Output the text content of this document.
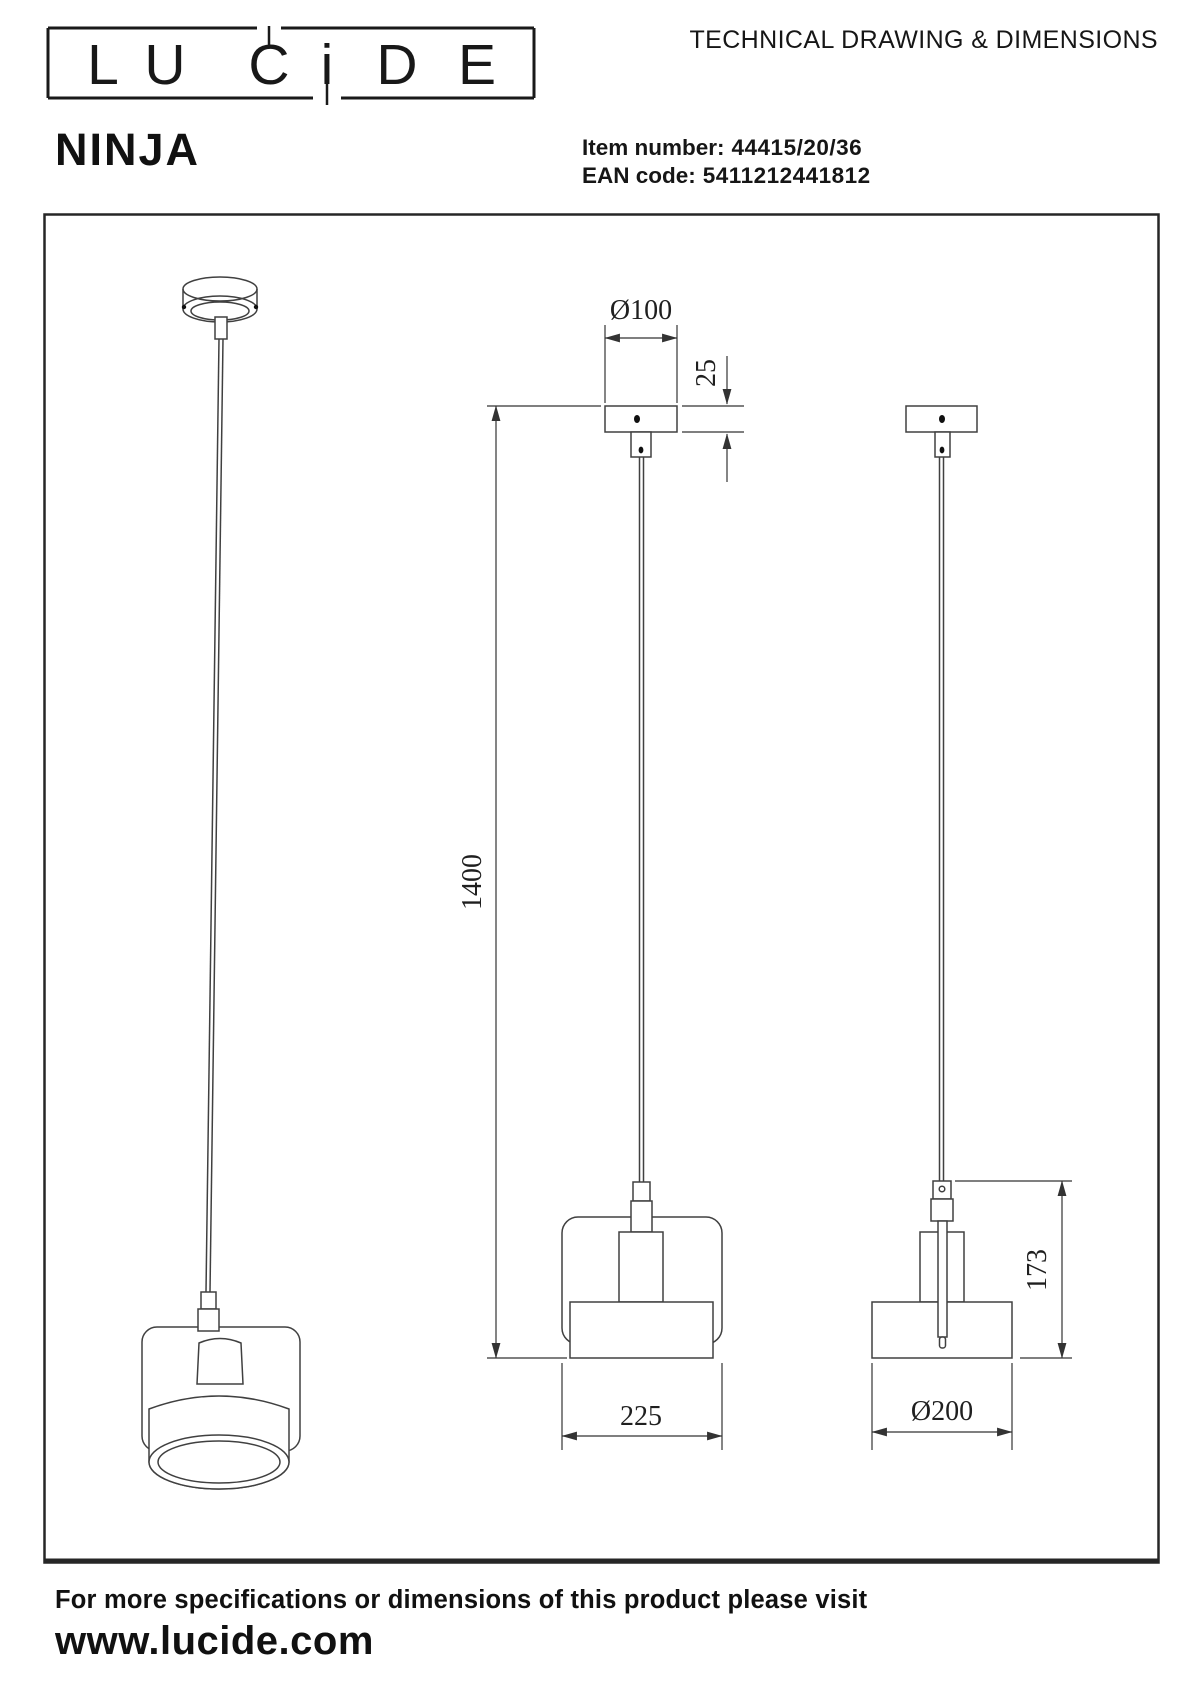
L U C i D E	TECHNICAL DRAWING & DIMENSIONS
NINJA	Item number: 44415/20/36
EAN code: 5411212441812
Ø100
25
1400
225
173
Ø200

For more specifications or dimensions of this product please visit

www.lucide.com
